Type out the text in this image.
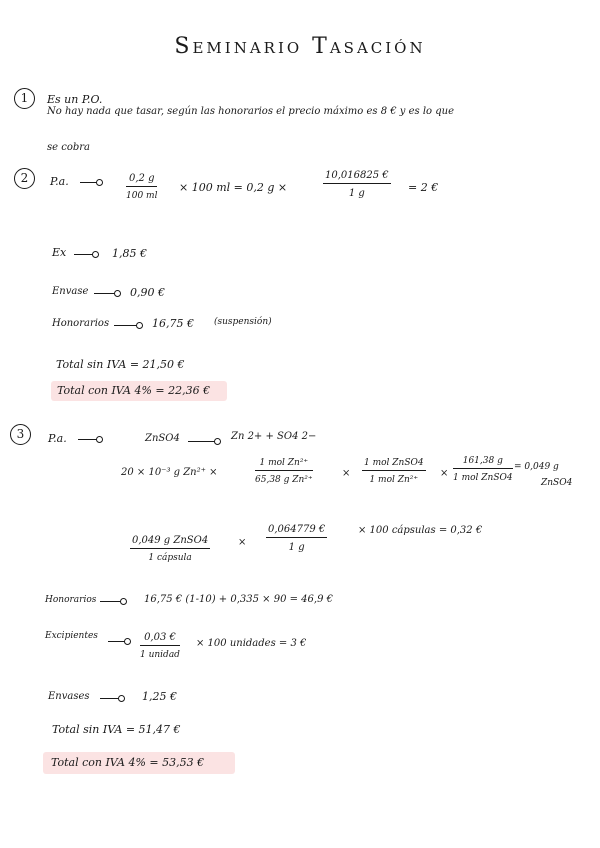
Seminario Tasación
1	Es un P.O.
No hay nada que tasar, según las honorarios el precio máximo es 8 € y es lo que
se cobra
2	P.a.	0,2 g
100 ml
× 100 ml = 0,2 g ×
10,016825 €
1 g	= 2 €
Ex	1,85 €
Envase	0,90 €
Honorarios	16,75 € (suspensión)
Total sin IVA = 21,50 €
Total con IVA 4% = 22,36 €
3	P.a.	ZnSO4	Zn 2+ + SO4 2−
20 × 10⁻³ g Zn²⁺ ×
1 mol Zn²⁺
65,38 g Zn²⁺
×
1 mol ZnSO4
1 mol Zn²⁺
×
161,38 g
1 mol ZnSO4
= 0,049 g
ZnSO4
0,049 g ZnSO4
1 cápsula
×
0,064779 €
1 g
× 100 cápsulas = 0,32 €
Honorarios	16,75 € (1-10) + 0,335 × 90 = 46,9 €
Excipientes	0,03 €
1 unidad
× 100 unidades = 3 €
Envases	1,25 €
Total sin IVA = 51,47 €
Total con IVA 4% = 53,53 €
